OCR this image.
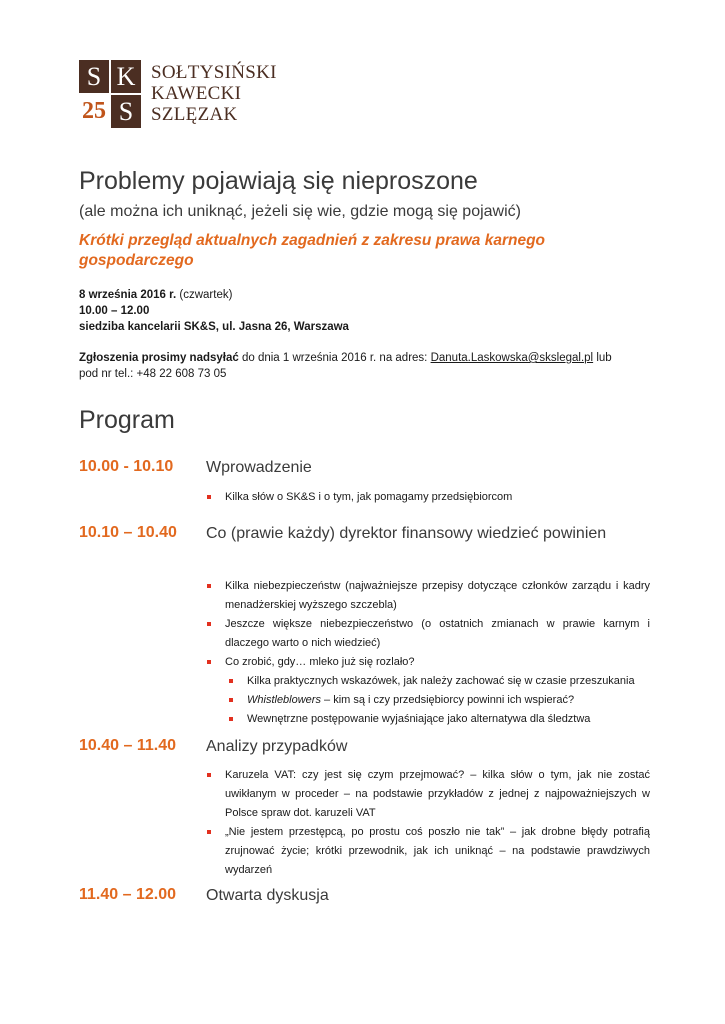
S K
25 S
SOŁTYSIŃSKI
KAWECKI
SZLĘZAK
Problemy pojawiają się nieproszone
(ale można ich uniknąć, jeżeli się wie, gdzie mogą się pojawić)
Krótki przegląd aktualnych zagadnień z zakresu prawa karnego gospodarczego
8 września 2016 r. (czwartek)
10.00 – 12.00
siedziba kancelarii SK&S, ul. Jasna 26, Warszawa
Zgłoszenia prosimy nadsyłać do dnia 1 września 2016 r. na adres: Danuta.Laskowska@skslegal.pl lub
pod nr tel.: +48 22 608 73 05
Program
10.00 - 10.10 Wprowadzenie
Kilka słów o SK&S i o tym, jak pomagamy przedsiębiorcom
10.10 – 10.40 Co (prawie każdy) dyrektor finansowy wiedzieć powinien
Kilka niebezpieczeństw (najważniejsze przepisy dotyczące członków zarządu i kadry menadżerskiej wyższego szczebla)
Jeszcze większe niebezpieczeństwo (o ostatnich zmianach w prawie karnym i dlaczego warto o nich wiedzieć)
Co zrobić, gdy… mleko już się rozlało?
Kilka praktycznych wskazówek, jak należy zachować się w czasie przeszukania
Whistleblowers – kim są i czy przedsiębiorcy powinni ich wspierać?
Wewnętrzne postępowanie wyjaśniające jako alternatywa dla śledztwa
10.40 – 11.40 Analizy przypadków
Karuzela VAT: czy jest się czym przejmować? – kilka słów o tym, jak nie zostać uwikłanym w proceder – na podstawie przykładów z jednej z najpoważniejszych w Polsce spraw dot. karuzeli VAT
„Nie jestem przestępcą, po prostu coś poszło nie tak” – jak drobne błędy potrafią zrujnować życie; krótki przewodnik, jak ich uniknąć – na podstawie prawdziwych wydarzeń
11.40 – 12.00 Otwarta dyskusja
